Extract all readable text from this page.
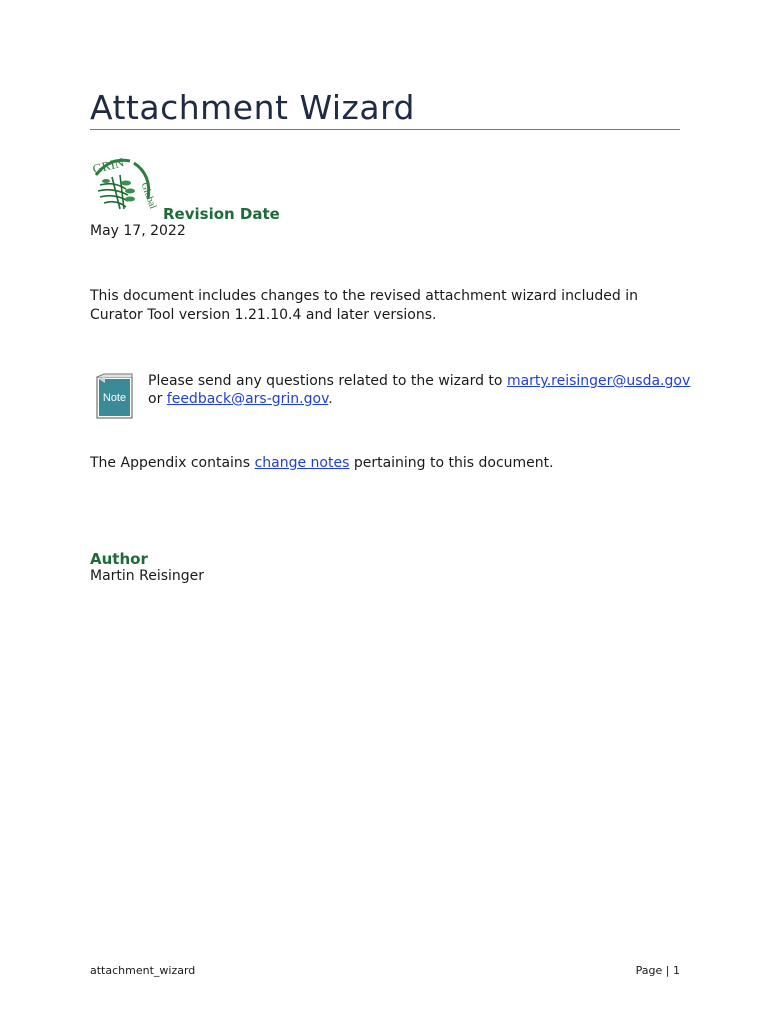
Attachment Wizard
GRIN
Global
Revision Date
May 17, 2022

This document includes changes to the revised attachment wizard included in Curator Tool version 1.21.10.4 and later versions.

Note
Please send any questions related to the wizard to marty.reisinger@usda.gov
or feedback@ars-grin.gov.
The Appendix contains change notes pertaining to this document.
Author
Martin Reisinger
attachment_wizard	Page | 1
